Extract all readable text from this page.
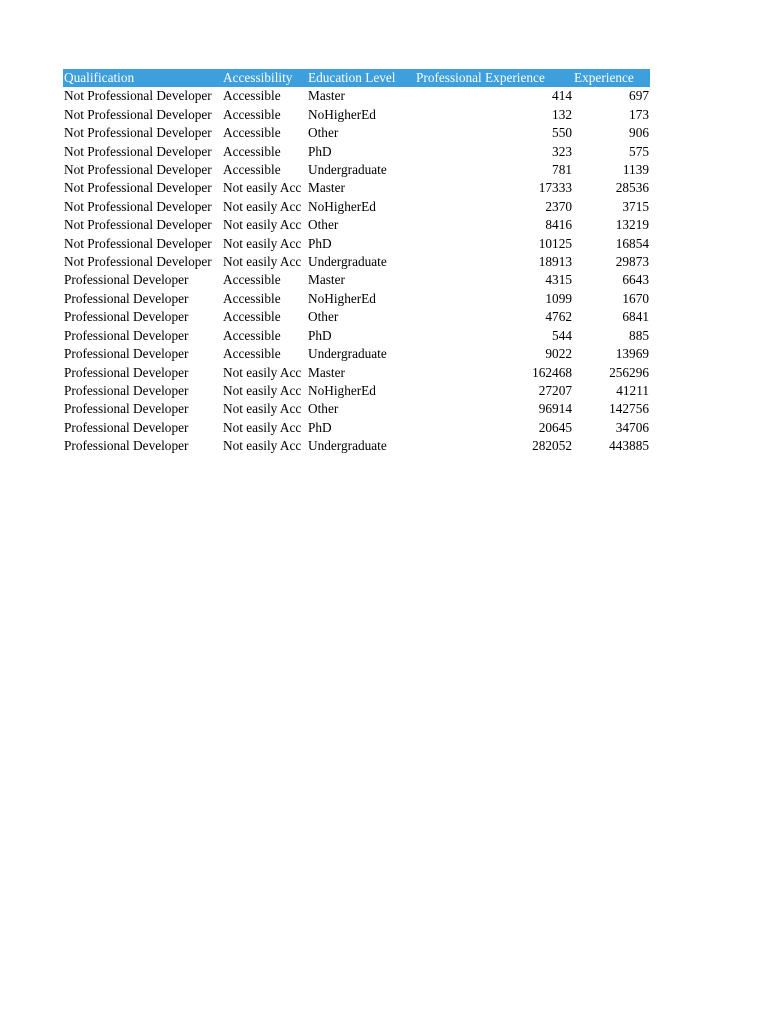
Qualification	Accessibility	Education Level	Professional Experience	Experience
Not Professional Developer	Accessible	Master	414	697
Not Professional Developer	Accessible	NoHigherEd	132	173
Not Professional Developer	Accessible	Other	550	906
Not Professional Developer	Accessible	PhD	323	575
Not Professional Developer	Accessible	Undergraduate	781	1139
Not Professional Developer	Not easily Acc	Master	17333	28536
Not Professional Developer	Not easily Acc	NoHigherEd	2370	3715
Not Professional Developer	Not easily Acc	Other	8416	13219
Not Professional Developer	Not easily Acc	PhD	10125	16854
Not Professional Developer	Not easily Acc	Undergraduate	18913	29873
Professional Developer	Accessible	Master	4315	6643
Professional Developer	Accessible	NoHigherEd	1099	1670
Professional Developer	Accessible	Other	4762	6841
Professional Developer	Accessible	PhD	544	885
Professional Developer	Accessible	Undergraduate	9022	13969
Professional Developer	Not easily Acc	Master	162468	256296
Professional Developer	Not easily Acc	NoHigherEd	27207	41211
Professional Developer	Not easily Acc	Other	96914	142756
Professional Developer	Not easily Acc	PhD	20645	34706
Professional Developer	Not easily Acc	Undergraduate	282052	443885
